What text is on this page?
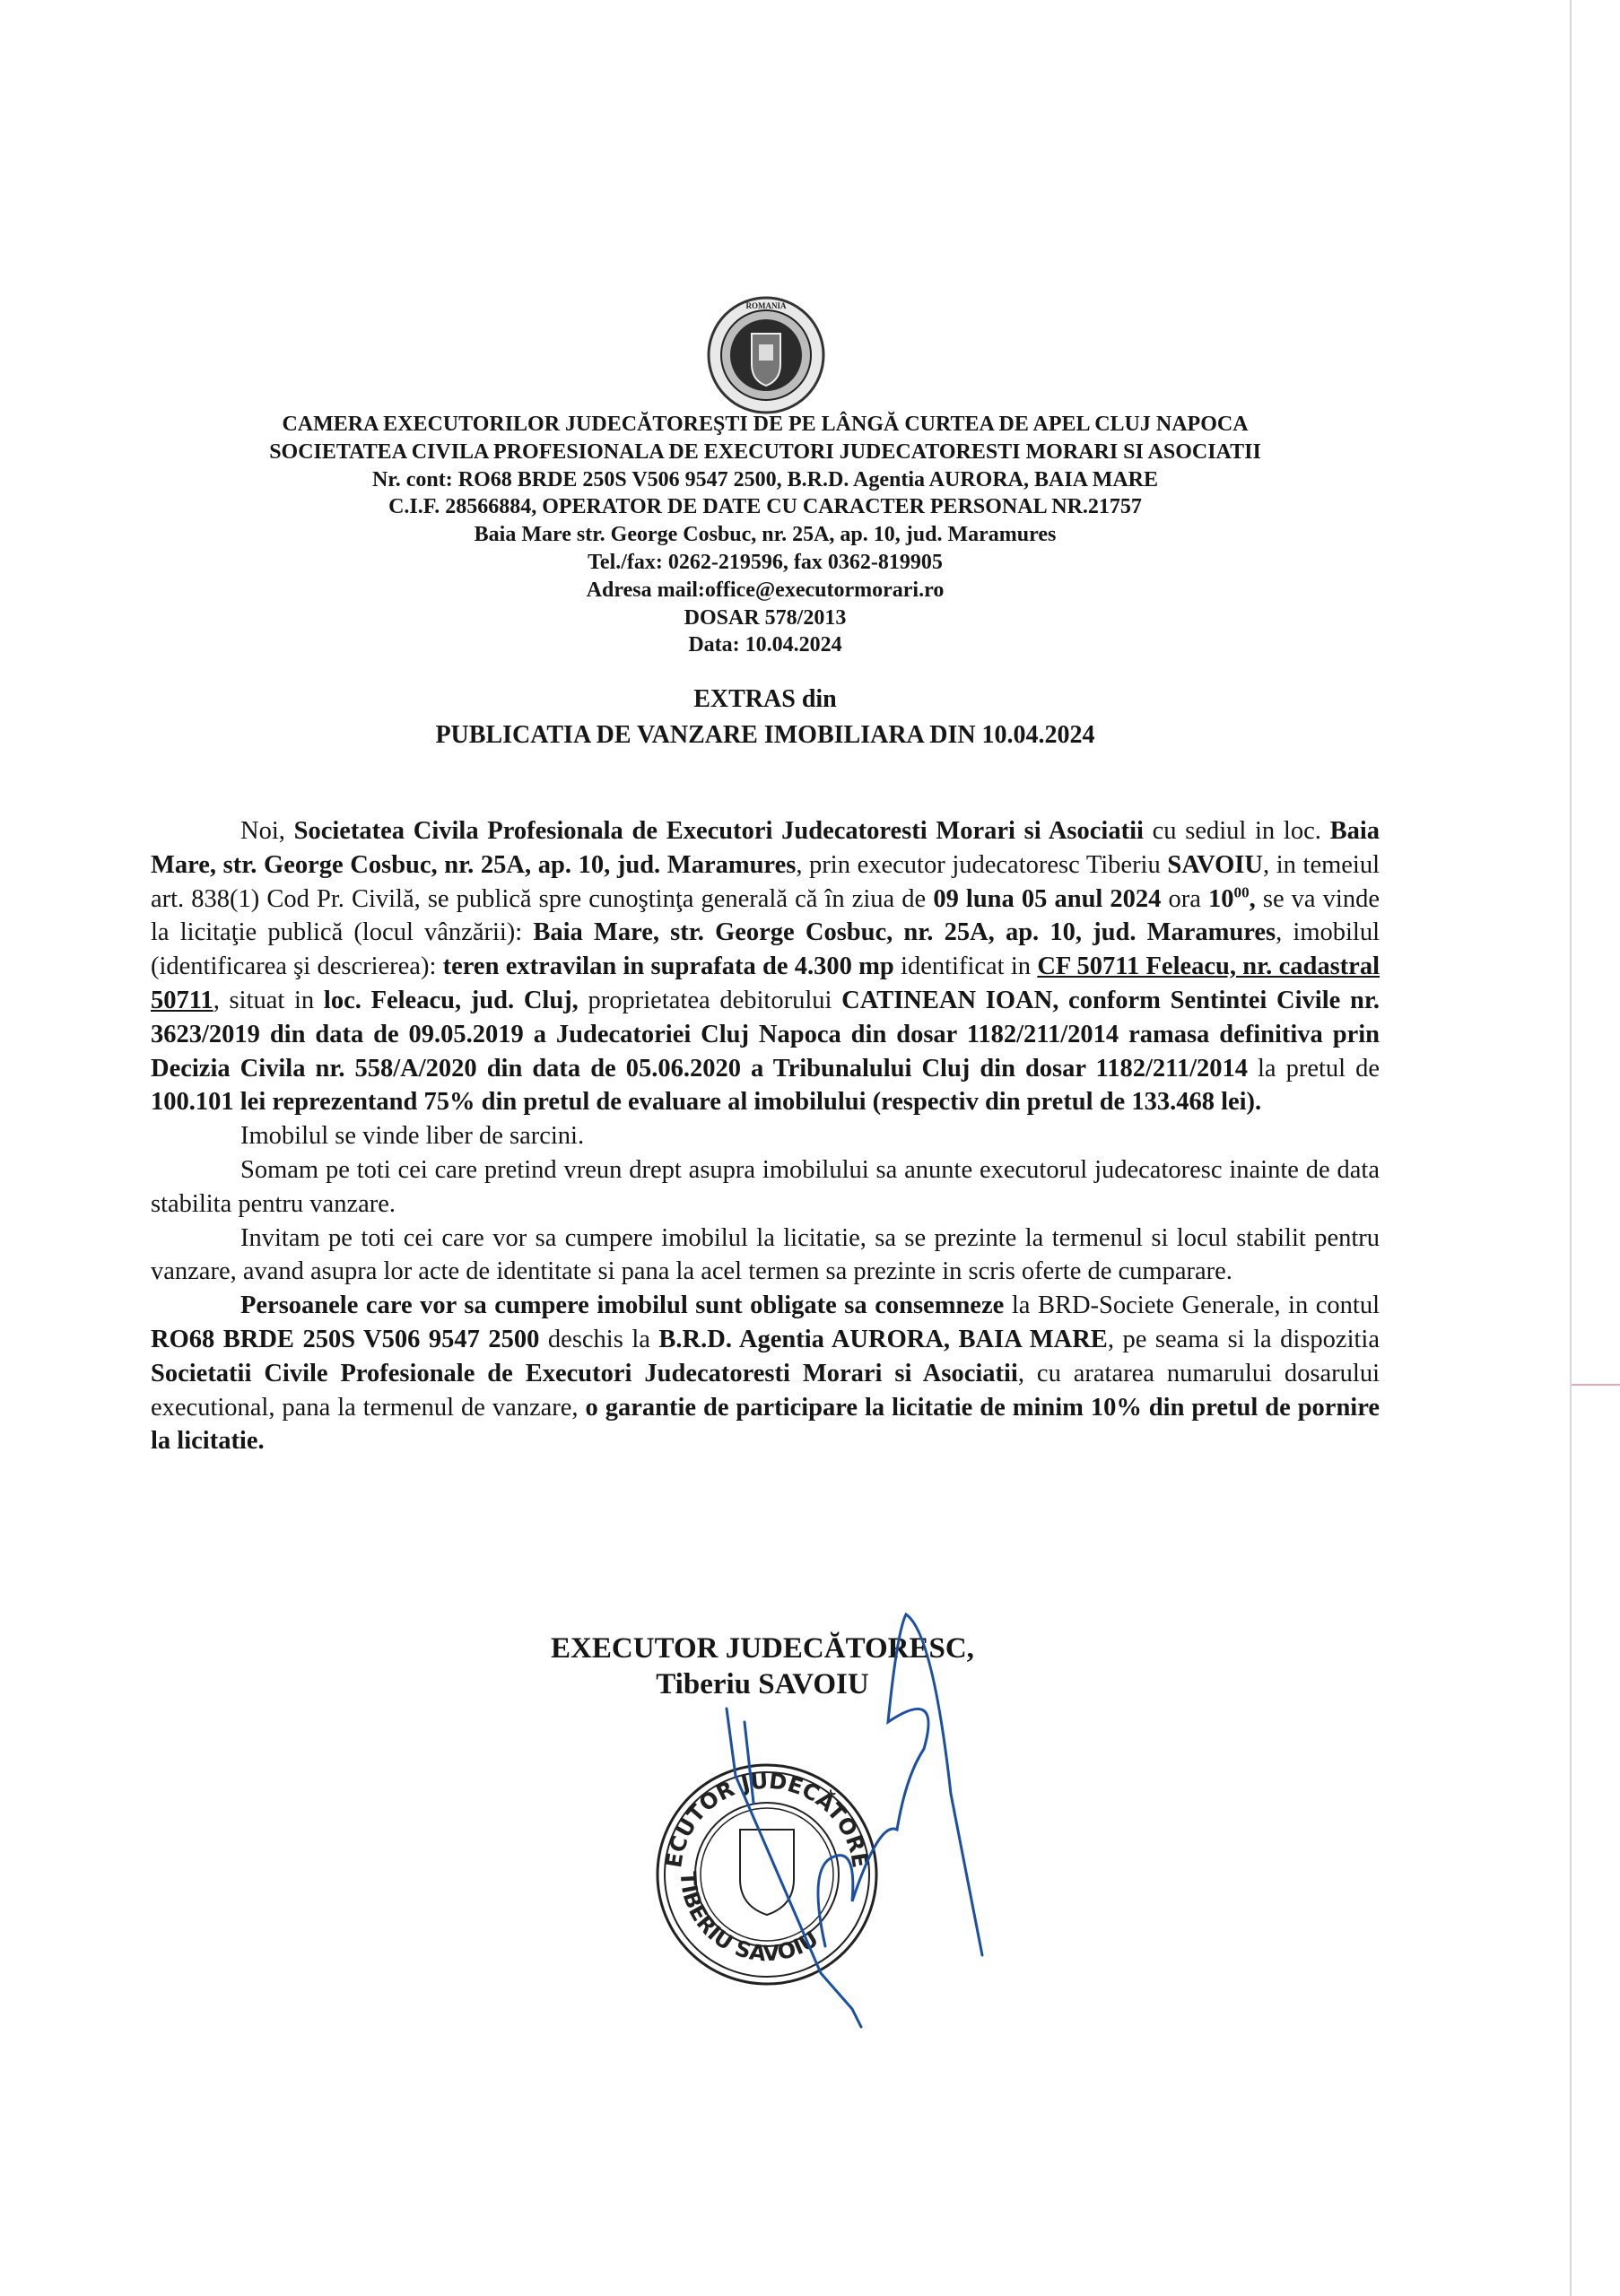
ROMANIA
CAMERA EXECUTORILOR JUDECĂTOREŞTI DE PE LÂNGĂ CURTEA DE APEL CLUJ NAPOCA
SOCIETATEA CIVILA PROFESIONALA DE EXECUTORI JUDECATORESTI MORARI SI ASOCIATII
Nr. cont: RO68 BRDE 250S V506 9547 2500, B.R.D. Agentia AURORA, BAIA MARE
C.I.F. 28566884, OPERATOR DE DATE CU CARACTER PERSONAL NR.21757
Baia Mare str. George Cosbuc, nr. 25A, ap. 10, jud. Maramures
Tel./fax: 0262-219596, fax 0362-819905
Adresa mail:office@executormorari.ro
DOSAR 578/2013
Data: 10.04.2024
EXTRAS din
PUBLICATIA DE VANZARE IMOBILIARA DIN 10.04.2024

Noi, Societatea Civila Profesionala de Executori Judecatoresti Morari si Asociatii cu sediul in loc. Baia Mare, str. George Cosbuc, nr. 25A, ap. 10, jud. Maramures, prin executor judecatoresc Tiberiu SAVOIU, in temeiul art. 838(1) Cod Pr. Civilă, se publică spre cunoştinţa generală că în ziua de 09 luna 05 anul 2024 ora $10^{00}$, se va vinde la licitaţie publică (locul vânzării): Baia Mare, str. George Cosbuc, nr. 25A, ap. 10, jud. Maramures, imobilul (identificarea şi descrierea): teren extravilan in suprafata de 4.300 mp identificat in CF 50711 Feleacu, nr. cadastral 50711, situat in loc. Feleacu, jud. Cluj, proprietatea debitorului CATINEAN IOAN, conform Sentintei Civile nr. 3623/2019 din data de 09.05.2019 a Judecatoriei Cluj Napoca din dosar 1182/211/2014 ramasa definitiva prin Decizia Civila nr. 558/A/2020 din data de 05.06.2020 a Tribunalului Cluj din dosar 1182/211/2014 la pretul de 100.101 lei reprezentand 75% din pretul de evaluare al imobilului (respectiv din pretul de 133.468 lei).

Imobilul se vinde liber de sarcini.

Somam pe toti cei care pretind vreun drept asupra imobilului sa anunte executorul judecatoresc inainte de data stabilita pentru vanzare.

Invitam pe toti cei care vor sa cumpere imobilul la licitatie, sa se prezinte la termenul si locul stabilit pentru vanzare, avand asupra lor acte de identitate si pana la acel termen sa prezinte in scris oferte de cumparare.

Persoanele care vor sa cumpere imobilul sunt obligate sa consemneze la BRD-Societe Generale, in contul RO68 BRDE 250S V506 9547 2500 deschis la B.R.D. Agentia AURORA, BAIA MARE, pe seama si la dispozitia Societatii Civile Profesionale de Executori Judecatoresti Morari si Asociatii, cu aratarea numarului dosarului executional, pana la termenul de vanzare, o garantie de participare la licitatie de minim 10% din pretul de pornire la licitatie.

EXECUTOR JUDECĂTORESC,
Tiberiu SAVOIU
EXECUTOR JUDECĂTORESC
TIBERIU SAVOIU
